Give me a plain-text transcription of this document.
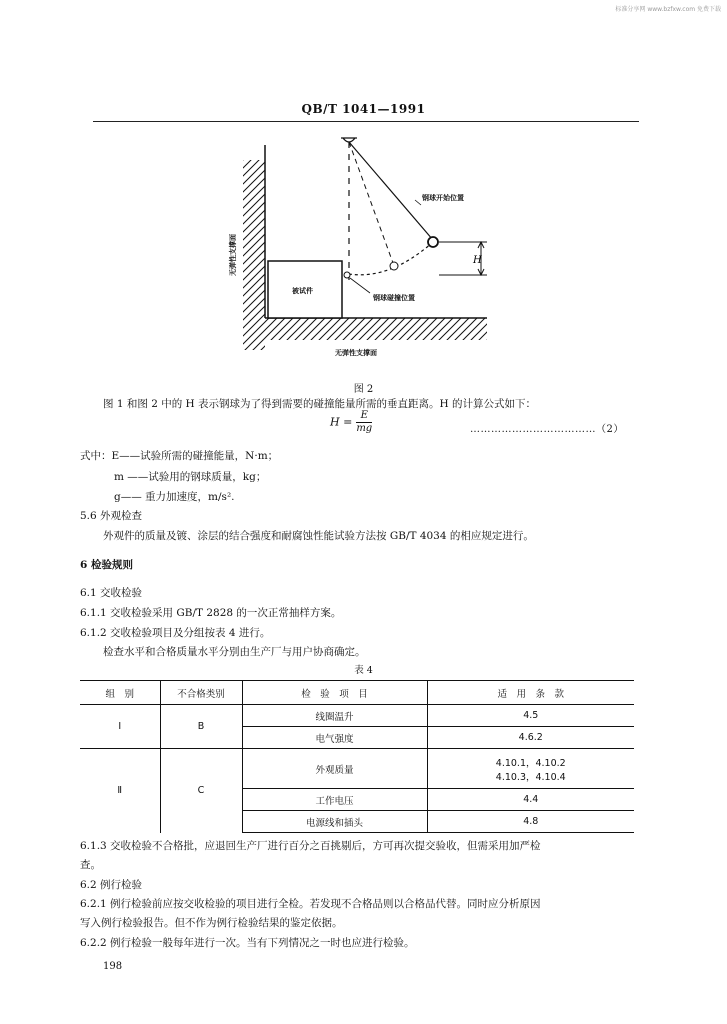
标准分享网 www.bzfxw.com 免费下载
QB/T 1041—1991
被试件
H
钢球开始位置
钢球碰撞位置
无弹性支撑面
无弹性支撑面
图 2
图 1 和图 2 中的 H 表示钢球为了得到需要的碰撞能量所需的垂直距离。H 的计算公式如下：
$H = \frac{E}{mg}$	………………………………（2）
式中：E——试验所需的碰撞能量，N·m；
m ——试验用的钢球质量，kg；
g—— 重力加速度，m/s².
5.6 外观检查
外观件的质量及镀、涂层的结合强度和耐腐蚀性能试验方法按 GB/T 4034 的相应规定进行。
6 检验规则
6.1 交收检验
6.1.1 交收检验采用 GB/T 2828 的一次正常抽样方案。
6.1.2 交收检验项目及分组按表 4 进行。
检查水平和合格质量水平分别由生产厂与用户协商确定。
表 4
组　别	不合格类别	检　验　项　目	适　用　条　款
Ⅰ	B	线圈温升	4.5
		电气强度	4.6.2
Ⅱ	C	外观质量	4.10.1，4.10.2
4.10.3，4.10.4

		工作电压	4.4
		电源线和插头	4.8
6.1.3 交收检验不合格批，应退回生产厂进行百分之百挑剔后，方可再次提交验收，但需采用加严检
查。
6.2 例行检验
6.2.1 例行检验前应按交收检验的项目进行全检。若发现不合格品则以合格品代替。同时应分析原因
写入例行检验报告。但不作为例行检验结果的鉴定依据。
6.2.2 例行检验一般每年进行一次。当有下列情况之一时也应进行检验。
198
